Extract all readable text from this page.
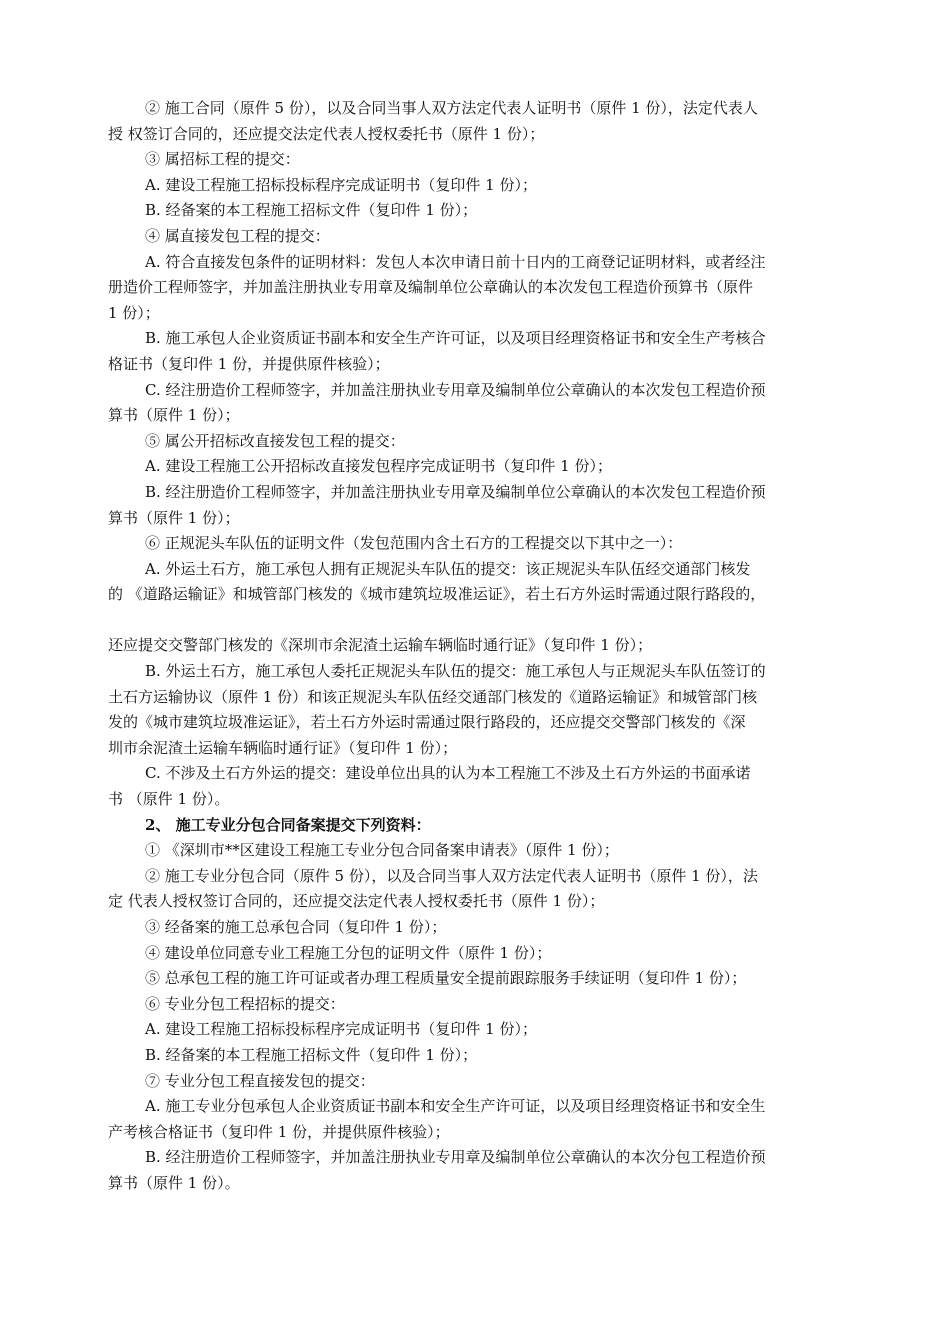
② 施工合同（原件 5 份），以及合同当事人双方法定代表人证明书（原件 1 份），法定代表人
授 权签订合同的，还应提交法定代表人授权委托书（原件 1 份）；
③ 属招标工程的提交：
A. 建设工程施工招标投标程序完成证明书（复印件 1 份）；
B. 经备案的本工程施工招标文件（复印件 1 份）；
④ 属直接发包工程的提交：
A. 符合直接发包条件的证明材料：发包人本次申请日前十日内的工商登记证明材料，或者经注
册造价工程师签字，并加盖注册执业专用章及编制单位公章确认的本次发包工程造价预算书（原件
1 份）；
B. 施工承包人企业资质证书副本和安全生产许可证，以及项目经理资格证书和安全生产考核合
格证书（复印件 1 份，并提供原件核验）；
C. 经注册造价工程师签字，并加盖注册执业专用章及编制单位公章确认的本次发包工程造价预
算书（原件 1 份）；
⑤ 属公开招标改直接发包工程的提交：
A. 建设工程施工公开招标改直接发包程序完成证明书（复印件 1 份）；
B. 经注册造价工程师签字，并加盖注册执业专用章及编制单位公章确认的本次发包工程造价预
算书（原件 1 份）；
⑥ 正规泥头车队伍的证明文件（发包范围内含土石方的工程提交以下其中之一）：
A. 外运土石方，施工承包人拥有正规泥头车队伍的提交：该正规泥头车队伍经交通部门核发
的 《道路运输证》和城管部门核发的《城市建筑垃圾准运证》，若土石方外运时需通过限行路段的，
还应提交交警部门核发的《深圳市余泥渣土运输车辆临时通行证》（复印件 1 份）；
B. 外运土石方，施工承包人委托正规泥头车队伍的提交：施工承包人与正规泥头车队伍签订的
土石方运输协议（原件 1 份）和该正规泥头车队伍经交通部门核发的《道路运输证》和城管部门核
发的《城市建筑垃圾准运证》，若土石方外运时需通过限行路段的，还应提交交警部门核发的《深
圳市余泥渣土运输车辆临时通行证》（复印件 1 份）；
C. 不涉及土石方外运的提交：建设单位出具的认为本工程施工不涉及土石方外运的书面承诺
书 （原件 1 份）。
2、 施工专业分包合同备案提交下列资料：
① 《深圳市**区建设工程施工专业分包合同备案申请表》（原件 1 份）；
② 施工专业分包合同（原件 5 份），以及合同当事人双方法定代表人证明书（原件 1 份），法
定 代表人授权签订合同的，还应提交法定代表人授权委托书（原件 1 份）；
③ 经备案的施工总承包合同（复印件 1 份）；
④ 建设单位同意专业工程施工分包的证明文件（原件 1 份）；
⑤ 总承包工程的施工许可证或者办理工程质量安全提前跟踪服务手续证明（复印件 1 份）；
⑥ 专业分包工程招标的提交：
A. 建设工程施工招标投标程序完成证明书（复印件 1 份）；
B. 经备案的本工程施工招标文件（复印件 1 份）；
⑦ 专业分包工程直接发包的提交：
A. 施工专业分包承包人企业资质证书副本和安全生产许可证，以及项目经理资格证书和安全生
产考核合格证书（复印件 1 份，并提供原件核验）；
B. 经注册造价工程师签字，并加盖注册执业专用章及编制单位公章确认的本次分包工程造价预
算书（原件 1 份）。
